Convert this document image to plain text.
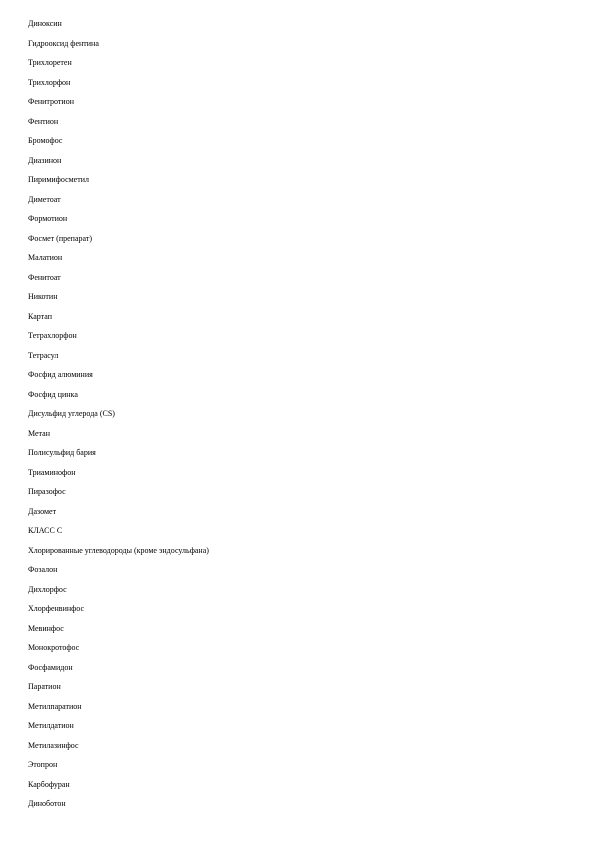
Диноксин
Гидрооксид фентина
Трихлоретен
Трихлорфон
Фенитротион
Фентион
Бромофос
Диазинон
Пиримифосметил
Диметоат
Формотион
Фосмет (препарат)
Малатион
Фенитоат
Никотин
Картап
Тетрахлорфон
Тетрасул
Фосфид алюминия
Фосфид цинка
Дисульфид углерода (CS)
Метан
Полисульфид бария
Триаминофон
Пиразофос
Дазомет
КЛАСС С
Хлорированные углеводороды (кроме эндосульфана)
Фозалон
Дихлорфос
Хлорфенвинфос
Мевинфос
Монокротофос
Фосфамидон
Паратион
Метилпаратион
Метилдатион
Метилазинфос
Этопрон
Карбофуран
Диноботон
